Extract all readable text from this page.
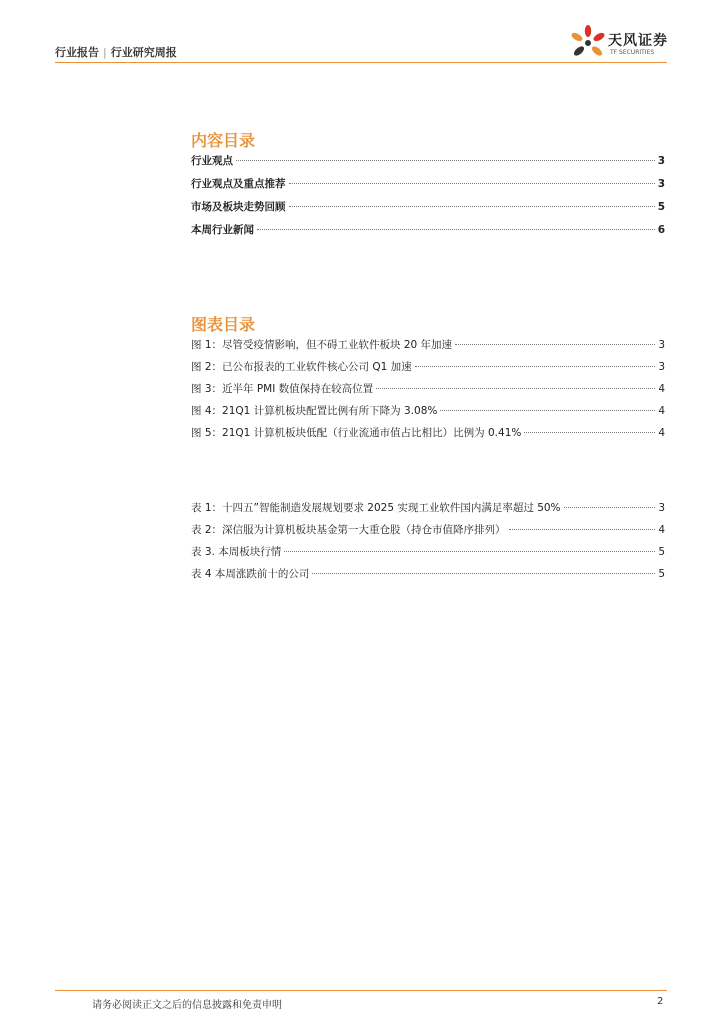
行业报告 | 行业研究周报
天风证券
TF SECURITIES
内容目录
行业观点	3
行业观点及重点推荐	3
市场及板块走势回顾	5
本周行业新闻	6
图表目录
图 1：尽管受疫情影响，但不碍工业软件板块 20 年加速	3
图 2：已公布报表的工业软件核心公司 Q1 加速	3
图 3：近半年 PMI 数值保持在较高位置	4
图 4：21Q1 计算机板块配置比例有所下降为 3.08%	4
图 5：21Q1 计算机板块低配（行业流通市值占比相比）比例为 0.41%	4
表 1：十四五”智能制造发展规划要求 2025 实现工业软件国内满足率超过 50%	3
表 2：深信服为计算机板块基金第一大重仓股（持仓市值降序排列）	4
表 3. 本周板块行情	5
表 4 本周涨跌前十的公司	5
请务必阅读正文之后的信息披露和免责申明	2
